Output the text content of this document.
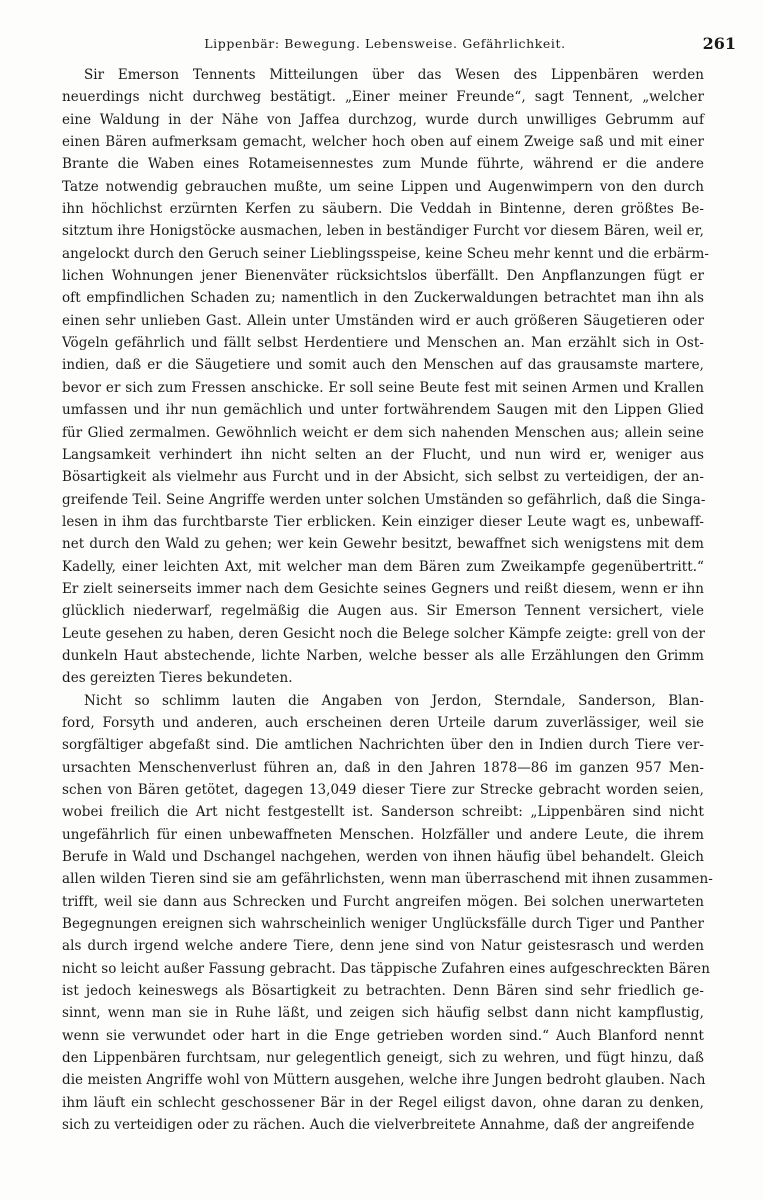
Lippenbär: Bewegung. Lebensweise. Gefährlichkeit.	261
Sir Emerson Tennents Mitteilungen über das Wesen des Lippenbären werden
neuerdings nicht durchweg bestätigt. „Einer meiner Freunde“, sagt Tennent, „welcher
eine Waldung in der Nähe von Jaffea durchzog, wurde durch unwilliges Gebrumm auf
einen Bären aufmerksam gemacht, welcher hoch oben auf einem Zweige saß und mit einer
Brante die Waben eines Rotameisennestes zum Munde führte, während er die andere
Tatze notwendig gebrauchen mußte, um seine Lippen und Augenwimpern von den durch
ihn höchlichst erzürnten Kerfen zu säubern. Die Veddah in Bintenne, deren größtes Be-
sitztum ihre Honigstöcke ausmachen, leben in beständiger Furcht vor diesem Bären, weil er,
angelockt durch den Geruch seiner Lieblingsspeise, keine Scheu mehr kennt und die erbärm-
lichen Wohnungen jener Bienenväter rücksichtslos überfällt. Den Anpflanzungen fügt er
oft empfindlichen Schaden zu; namentlich in den Zuckerwaldungen betrachtet man ihn als
einen sehr unlieben Gast. Allein unter Umständen wird er auch größeren Säugetieren oder
Vögeln gefährlich und fällt selbst Herdentiere und Menschen an. Man erzählt sich in Ost-
indien, daß er die Säugetiere und somit auch den Menschen auf das grausamste martere,
bevor er sich zum Fressen anschicke. Er soll seine Beute fest mit seinen Armen und Krallen
umfassen und ihr nun gemächlich und unter fortwährendem Saugen mit den Lippen Glied
für Glied zermalmen. Gewöhnlich weicht er dem sich nahenden Menschen aus; allein seine
Langsamkeit verhindert ihn nicht selten an der Flucht, und nun wird er, weniger aus
Bösartigkeit als vielmehr aus Furcht und in der Absicht, sich selbst zu verteidigen, der an-
greifende Teil. Seine Angriffe werden unter solchen Umständen so gefährlich, daß die Singa-
lesen in ihm das furchtbarste Tier erblicken. Kein einziger dieser Leute wagt es, unbewaff-
net durch den Wald zu gehen; wer kein Gewehr besitzt, bewaffnet sich wenigstens mit dem
Kadelly, einer leichten Axt, mit welcher man dem Bären zum Zweikampfe gegenübertritt.“
Er zielt seinerseits immer nach dem Gesichte seines Gegners und reißt diesem, wenn er ihn
glücklich niederwarf, regelmäßig die Augen aus. Sir Emerson Tennent versichert, viele
Leute gesehen zu haben, deren Gesicht noch die Belege solcher Kämpfe zeigte: grell von der
dunkeln Haut abstechende, lichte Narben, welche besser als alle Erzählungen den Grimm
des gereizten Tieres bekundeten.
Nicht so schlimm lauten die Angaben von Jerdon, Sterndale, Sanderson, Blan-
ford, Forsyth und anderen, auch erscheinen deren Urteile darum zuverlässiger, weil sie
sorgfältiger abgefaßt sind. Die amtlichen Nachrichten über den in Indien durch Tiere ver-
ursachten Menschenverlust führen an, daß in den Jahren 1878—86 im ganzen 957 Men-
schen von Bären getötet, dagegen 13,049 dieser Tiere zur Strecke gebracht worden seien,
wobei freilich die Art nicht festgestellt ist. Sanderson schreibt: „Lippenbären sind nicht
ungefährlich für einen unbewaffneten Menschen. Holzfäller und andere Leute, die ihrem
Berufe in Wald und Dschangel nachgehen, werden von ihnen häufig übel behandelt. Gleich
allen wilden Tieren sind sie am gefährlichsten, wenn man überraschend mit ihnen zusammen-
trifft, weil sie dann aus Schrecken und Furcht angreifen mögen. Bei solchen unerwarteten
Begegnungen ereignen sich wahrscheinlich weniger Unglücksfälle durch Tiger und Panther
als durch irgend welche andere Tiere, denn jene sind von Natur geistesrasch und werden
nicht so leicht außer Fassung gebracht. Das täppische Zufahren eines aufgeschreckten Bären
ist jedoch keineswegs als Bösartigkeit zu betrachten. Denn Bären sind sehr friedlich ge-
sinnt, wenn man sie in Ruhe läßt, und zeigen sich häufig selbst dann nicht kampflustig,
wenn sie verwundet oder hart in die Enge getrieben worden sind.“ Auch Blanford nennt
den Lippenbären furchtsam, nur gelegentlich geneigt, sich zu wehren, und fügt hinzu, daß
die meisten Angriffe wohl von Müttern ausgehen, welche ihre Jungen bedroht glauben. Nach
ihm läuft ein schlecht geschossener Bär in der Regel eiligst davon, ohne daran zu denken,
sich zu verteidigen oder zu rächen. Auch die vielverbreitete Annahme, daß der angreifende
